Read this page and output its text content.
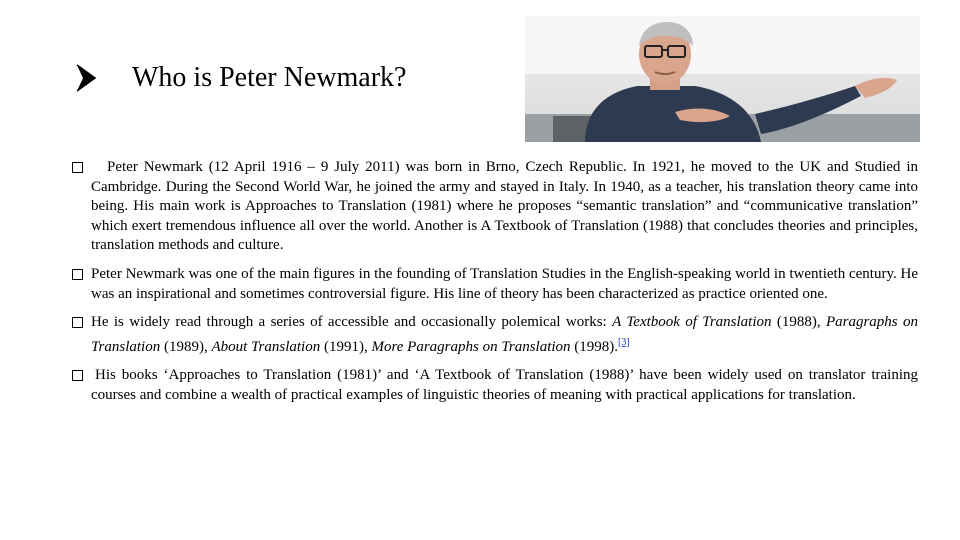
Who is Peter Newmark?

Peter Newmark (12 April 1916 – 9 July 2011) was born in Brno, Czech Republic. In 1921, he moved to the UK and Studied in Cambridge. During the Second World War, he joined the army and stayed in Italy. In 1940, as a teacher, his translation theory came into being. His main work is Approaches to Translation (1981) where he proposes “semantic translation” and “communicative translation” which exert tremendous influence all over the world. Another is A Textbook of Translation (1988) that concludes theories and principles, translation methods and culture.

Peter Newmark was one of the main figures in the founding of Translation Studies in the English-speaking world in twentieth century. He was an inspirational and sometimes controversial figure. His line of theory has been characterized as practice oriented one.

He is widely read through a series of accessible and occasionally polemical works: A Textbook of Translation (1988), Paragraphs on Translation (1989), About Translation (1991), More Paragraphs on Translation (1998).[3]

His books ‘Approaches to Translation (1981)’ and ‘A Textbook of Translation (1988)’ have been widely used on translator training courses and combine a wealth of practical examples of linguistic theories of meaning with practical applications for translation.
